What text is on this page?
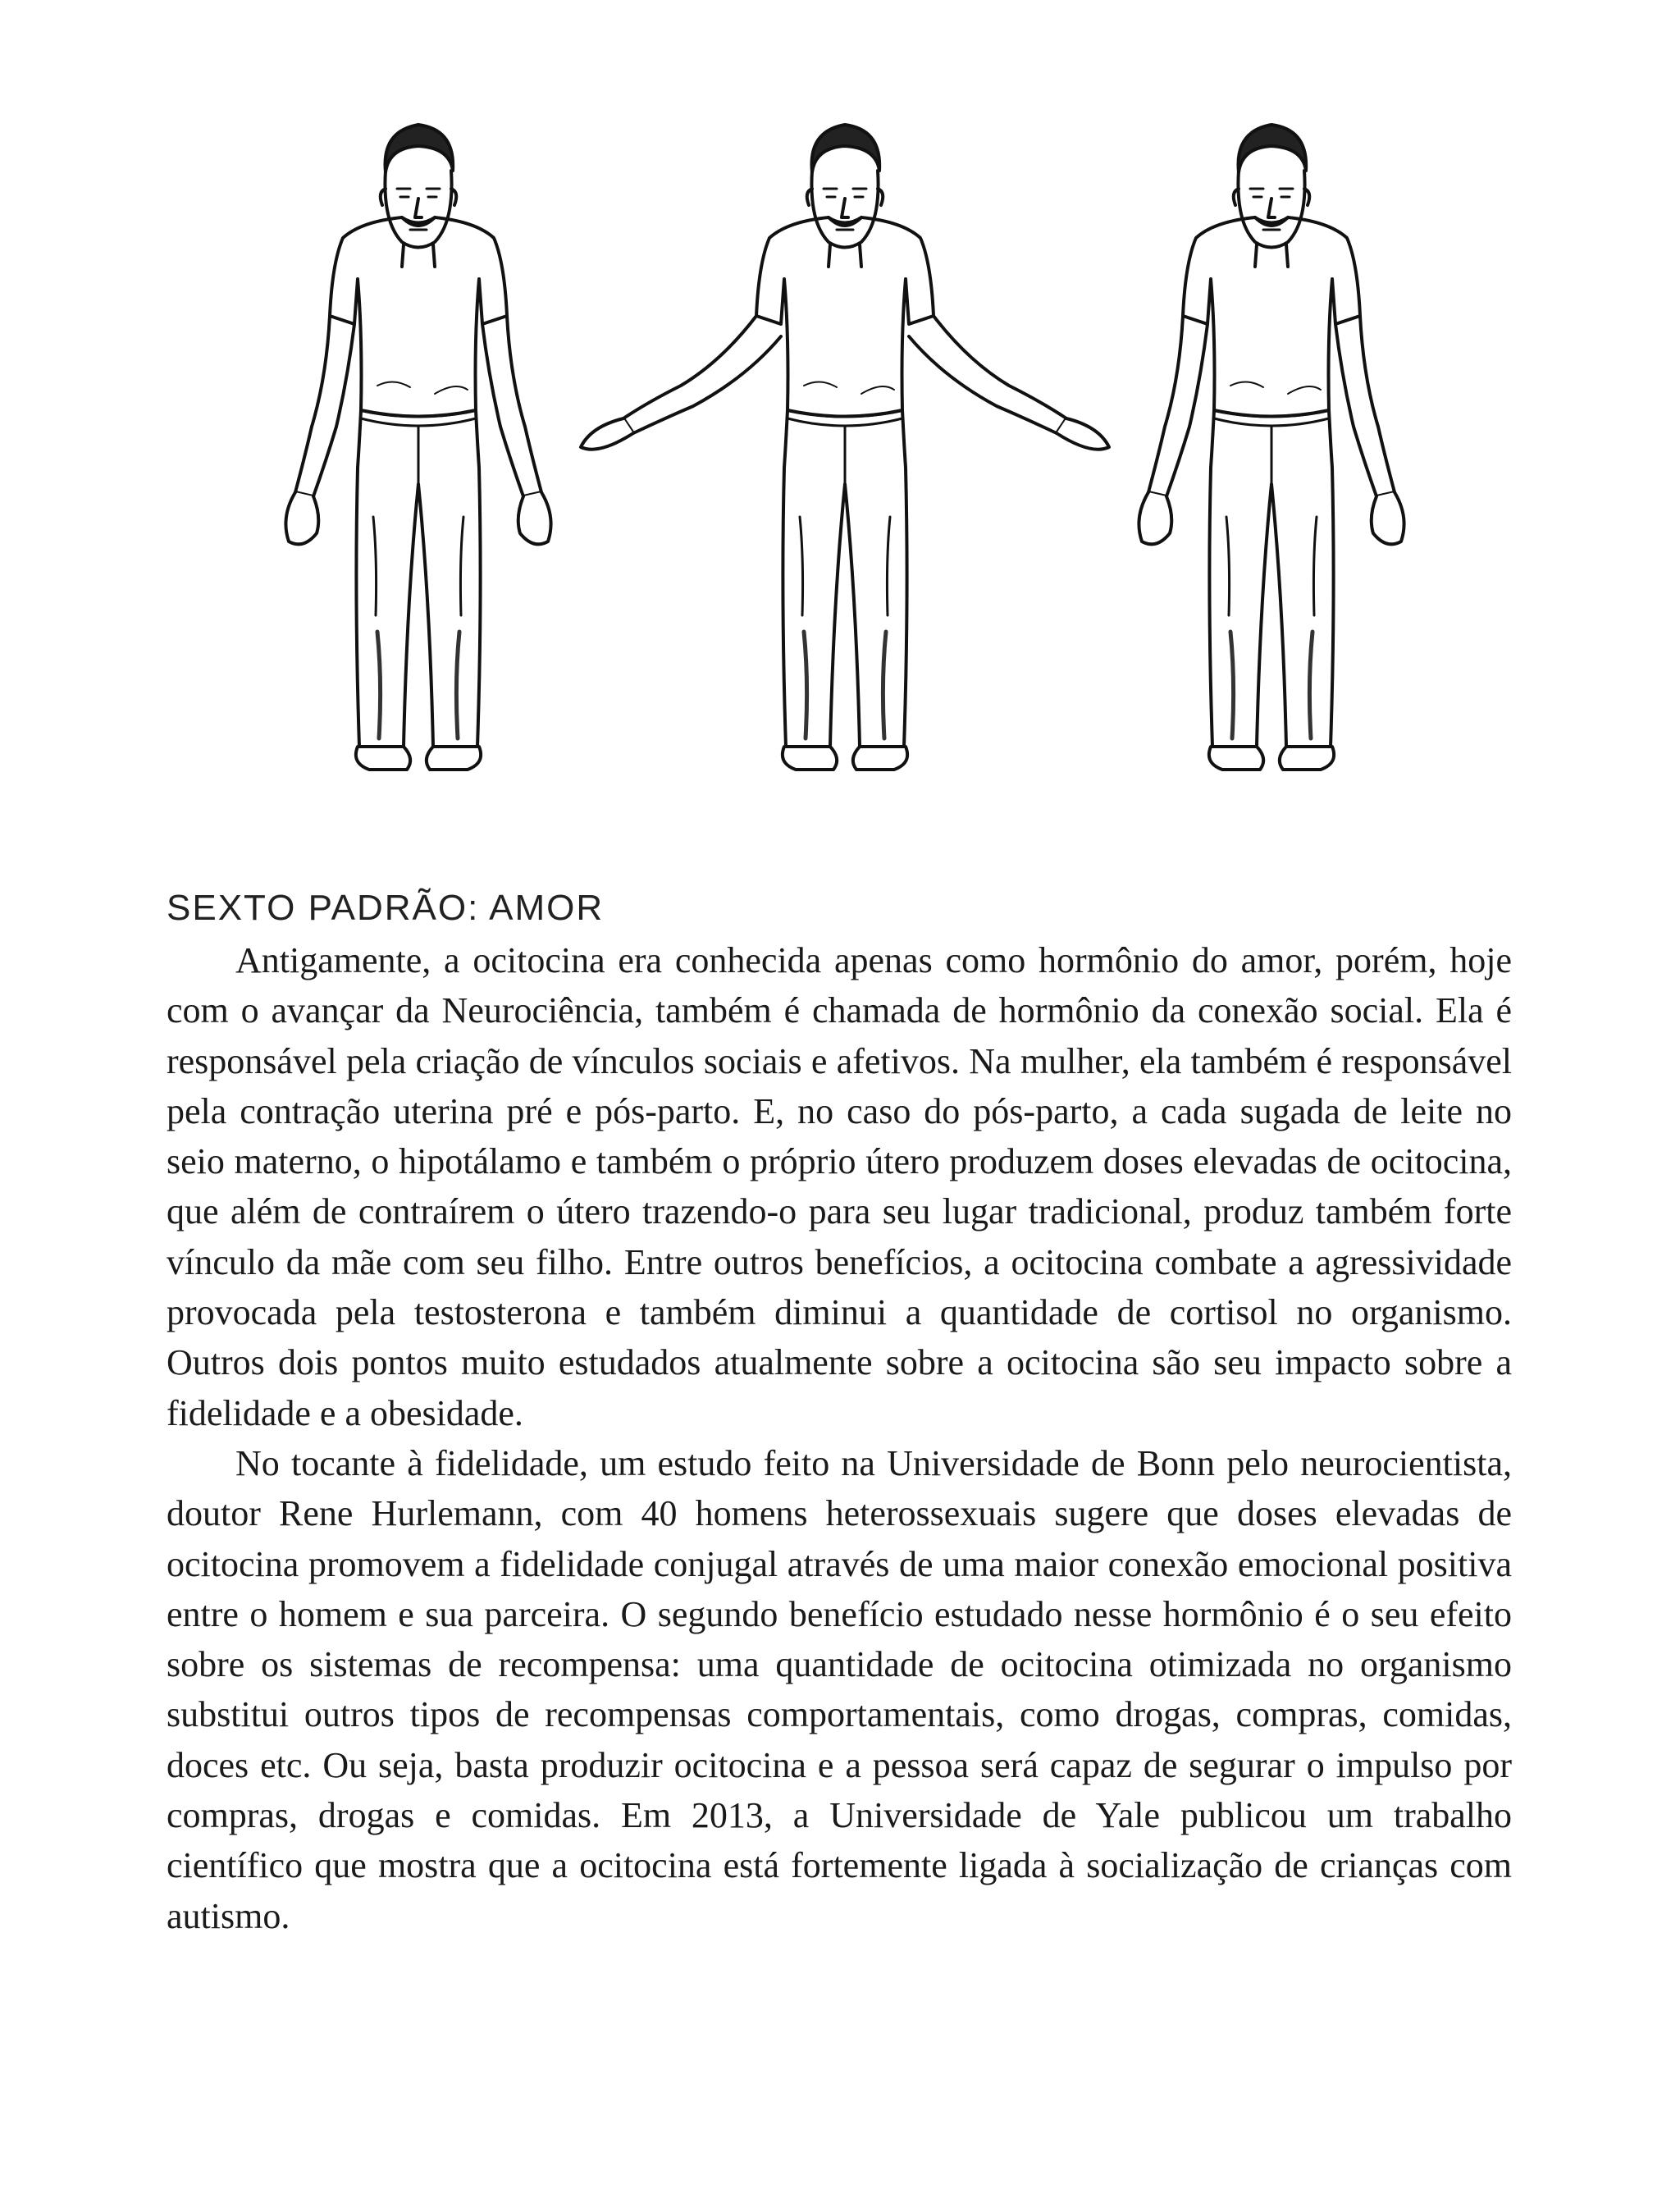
SEXTO PADRÃO: AMOR

Antigamente, a ocitocina era conhecida apenas como hormônio do amor, porém, hoje com o avançar da Neurociência, também é chamada de hormônio da conexão social. Ela é responsável pela criação de vínculos sociais e afetivos. Na mulher, ela também é responsável pela contração uterina pré e pós-parto. E, no caso do pós-parto, a cada sugada de leite no seio materno, o hipotálamo e também o próprio útero produzem doses elevadas de ocitocina, que além de contraírem o útero trazendo-o para seu lugar tradicional, produz também forte vínculo da mãe com seu filho. Entre outros benefícios, a ocitocina combate a agressividade provocada pela testosterona e também diminui a quantidade de cortisol no organismo. Outros dois pontos muito estudados atualmente sobre a ocitocina são seu impacto sobre a fidelidade e a obesidade.

No tocante à fidelidade, um estudo feito na Universidade de Bonn pelo neurocientista, doutor Rene Hurlemann, com 40 homens heterossexuais sugere que doses elevadas de ocitocina promovem a fidelidade conjugal através de uma maior conexão emocional positiva entre o homem e sua parceira. O segundo benefício estudado nesse hormônio é o seu efeito sobre os sistemas de recompensa: uma quantidade de ocitocina otimizada no organismo substitui outros tipos de recompensas comportamentais, como drogas, compras, comidas, doces etc. Ou seja, basta produzir ocitocina e a pessoa será capaz de segurar o impulso por compras, drogas e comidas. Em 2013, a Universidade de Yale publicou um trabalho científico que mostra que a ocitocina está fortemente ligada à socialização de crianças com autismo.
